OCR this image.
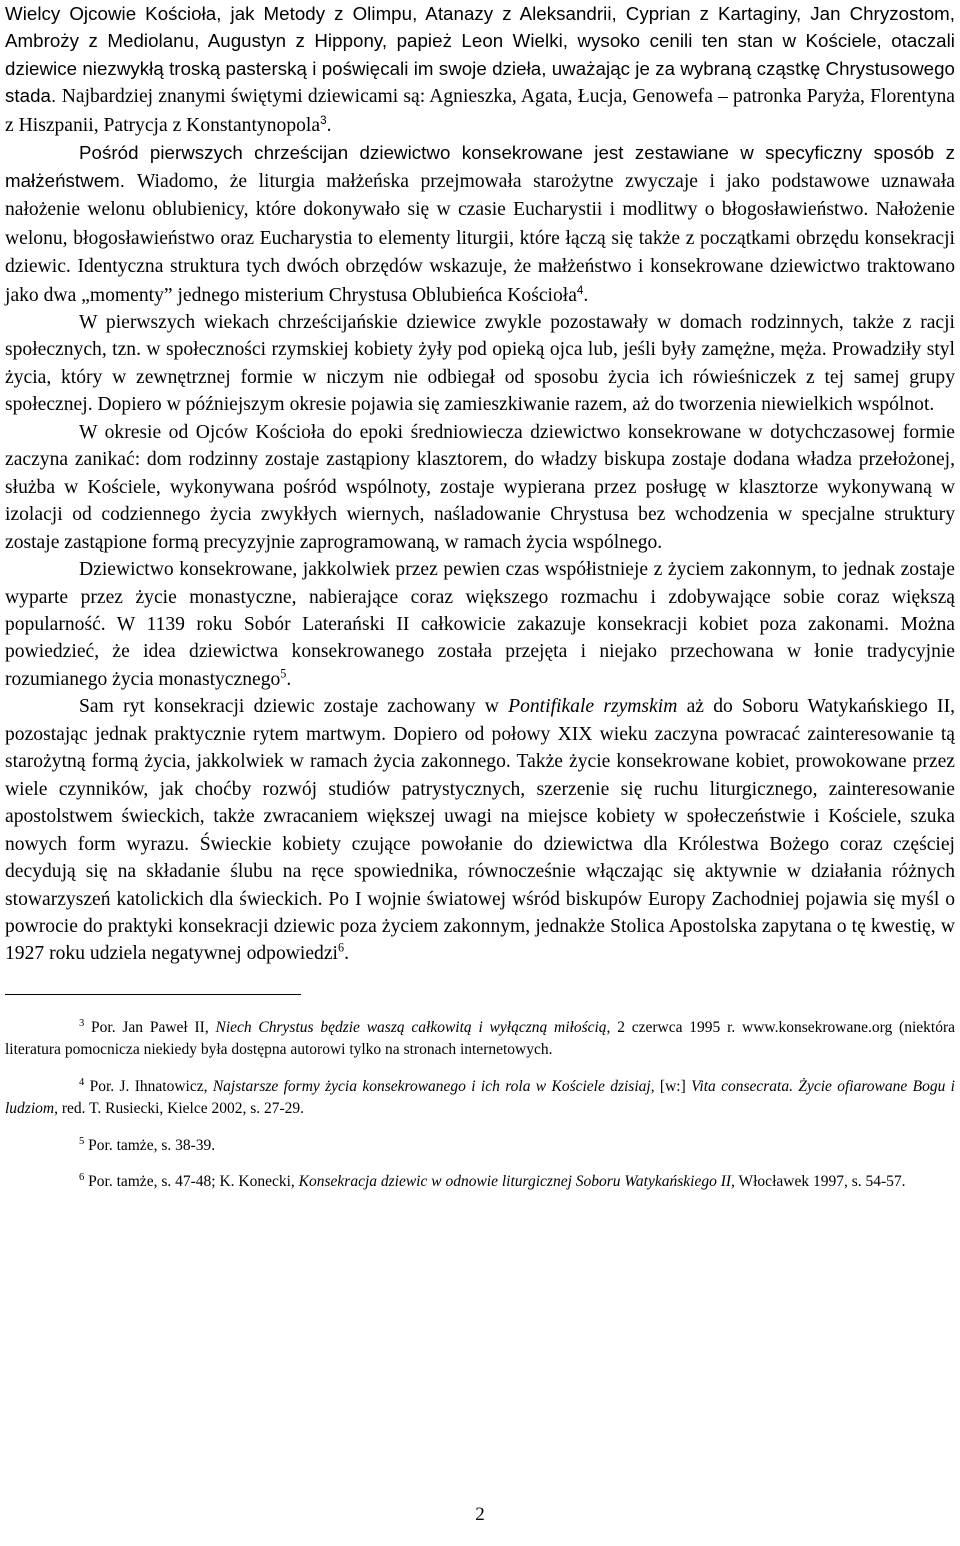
Wielcy Ojcowie Kościoła, jak Metody z Olimpu, Atanazy z Aleksandrii, Cyprian z Kartaginy, Jan Chryzostom, Ambroży z Mediolanu, Augustyn z Hippony, papież Leon Wielki, wysoko cenili ten stan w Kościele, otaczali dziewice niezwykłą troską pasterską i poświęcali im swoje dzieła, uważając je za wybraną cząstkę Chrystusowego stada. Najbardziej znanymi świętymi dziewicami są: Agnieszka, Agata, Łucja, Genowefa – patronka Paryża, Florentyna z Hiszpanii, Patrycja z Konstantynopola$^3$.

Pośród pierwszych chrześcijan dziewictwo konsekrowane jest zestawiane w specyficzny sposób z małżeństwem. Wiadomo, że liturgia małżeńska przejmowała starożytne zwyczaje i jako podstawowe uznawała nałożenie welonu oblubienicy, które dokonywało się w czasie Eucharystii i modlitwy o błogosławieństwo. Nałożenie welonu, błogosławieństwo oraz Eucharystia to elementy liturgii, które łączą się także z początkami obrzędu konsekracji dziewic. Identyczna struktura tych dwóch obrzędów wskazuje, że małżeństwo i konsekrowane dziewictwo traktowano jako dwa „momenty” jednego misterium Chrystusa Oblubieńca Kościoła$^4$.

W pierwszych wiekach chrześcijańskie dziewice zwykle pozostawały w domach rodzinnych, także z racji społecznych, tzn. w społeczności rzymskiej kobiety żyły pod opieką ojca lub, jeśli były zamężne, męża. Prowadziły styl życia, który w zewnętrznej formie w niczym nie odbiegał od sposobu życia ich rówieśniczek z tej samej grupy społecznej. Dopiero w późniejszym okresie pojawia się zamieszkiwanie razem, aż do tworzenia niewielkich wspólnot.

W okresie od Ojców Kościoła do epoki średniowiecza dziewictwo konsekrowane w dotychczasowej formie zaczyna zanikać: dom rodzinny zostaje zastąpiony klasztorem, do władzy biskupa zostaje dodana władza przełożonej, służba w Kościele, wykonywana pośród wspólnoty, zostaje wypierana przez posługę w klasztorze wykonywaną w izolacji od codziennego życia zwykłych wiernych, naśladowanie Chrystusa bez wchodzenia w specjalne struktury zostaje zastąpione formą precyzyjnie zaprogramowaną, w ramach życia wspólnego.

Dziewictwo konsekrowane, jakkolwiek przez pewien czas współistnieje z życiem zakonnym, to jednak zostaje wyparte przez życie monastyczne, nabierające coraz większego rozmachu i zdobywające sobie coraz większą popularność. W 1139 roku Sobór Laterański II całkowicie zakazuje konsekracji kobiet poza zakonami. Można powiedzieć, że idea dziewictwa konsekrowanego została przejęta i niejako przechowana w łonie tradycyjnie rozumianego życia monastycznego$^5$.

Sam ryt konsekracji dziewic zostaje zachowany w Pontifikale rzymskim aż do Soboru Watykańskiego II, pozostając jednak praktycznie rytem martwym. Dopiero od połowy XIX wieku zaczyna powracać zainteresowanie tą starożytną formą życia, jakkolwiek w ramach życia zakonnego. Także życie konsekrowane kobiet, prowokowane przez wiele czynników, jak choćby rozwój studiów patrystycznych, szerzenie się ruchu liturgicznego, zainteresowanie apostolstwem świeckich, także zwracaniem większej uwagi na miejsce kobiety w społeczeństwie i Kościele, szuka nowych form wyrazu. Świeckie kobiety czujące powołanie do dziewictwa dla Królestwa Bożego coraz częściej decydują się na składanie ślubu na ręce spowiednika, równocześnie włączając się aktywnie w działania różnych stowarzyszeń katolickich dla świeckich. Po I wojnie światowej wśród biskupów Europy Zachodniej pojawia się myśl o powrocie do praktyki konsekracji dziewic poza życiem zakonnym, jednakże Stolica Apostolska zapytana o tę kwestię, w 1927 roku udziela negatywnej odpowiedzi$^6$.

$^3$ Por. Jan Paweł II, Niech Chrystus będzie waszą całkowitą i wyłączną miłością, 2 czerwca 1995 r. www.konsekrowane.org (niektóra literatura pomocnicza niekiedy była dostępna autorowi tylko na stronach internetowych.

$^4$ Por. J. Ihnatowicz, Najstarsze formy życia konsekrowanego i ich rola w Kościele dzisiaj, [w:] Vita consecrata. Życie ofiarowane Bogu i ludziom, red. T. Rusiecki, Kielce 2002, s. 27-29.

$^5$ Por. tamże, s. 38-39.

$^6$ Por. tamże, s. 47-48; K. Konecki, Konsekracja dziewic w odnowie liturgicznej Soboru Watykańskiego II, Włocławek 1997, s. 54-57.

2
